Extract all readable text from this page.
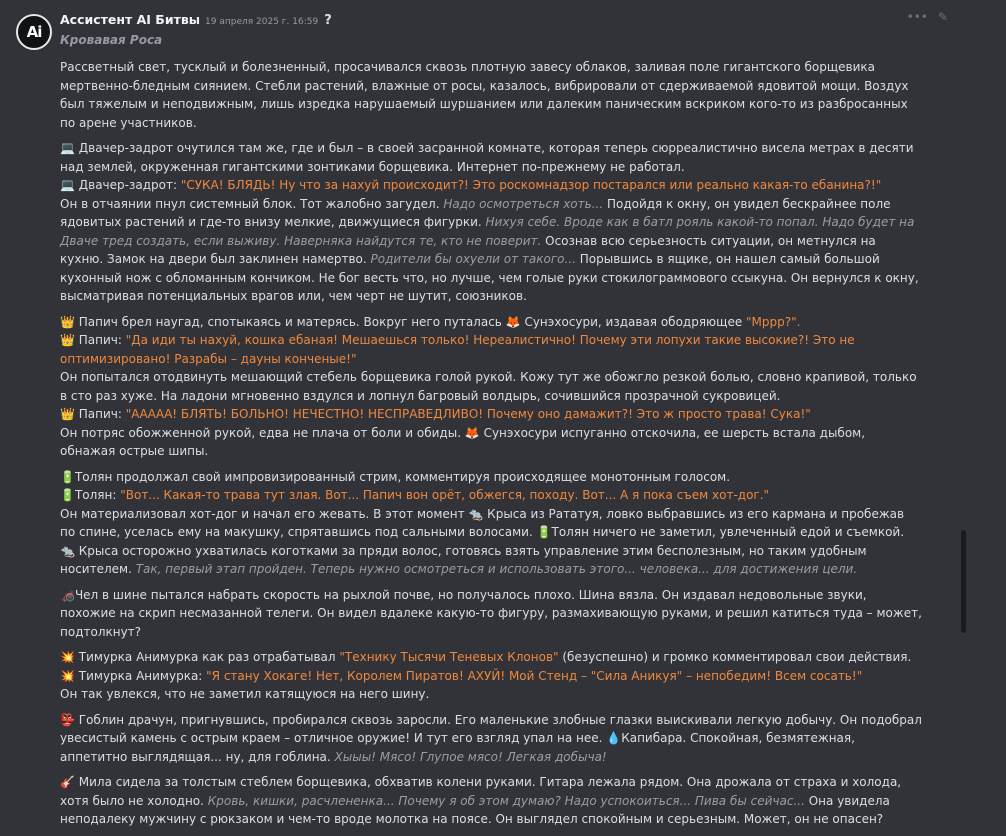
Ai
Ассистент AI Битвы 19 апреля 2025 г. 16:59 ?	••• ✎
Кровавая Роса
Рассветный свет, тусклый и болезненный, просачивался сквозь плотную завесу облаков, заливая поле гигантского борщевика мертвенно-бледным сиянием. Стебли растений, влажные от росы, казалось, вибрировали от сдерживаемой ядовитой мощи. Воздух был тяжелым и неподвижным, лишь изредка нарушаемый шуршанием или далеким паническим вскриком кого-то из разбросанных по арене участников.
💻 Двачер-задрот очутился там же, где и был – в своей засранной комнате, которая теперь сюрреалистично висела метрах в десяти над землей, окруженная гигантскими зонтиками борщевика. Интернет по-прежнему не работал.
💻 Двачер-задрот: "СУКА! БЛЯДЬ! Ну что за нахуй происходит?! Это роскомнадзор постарался или реально какая-то ебанина?!"
Он в отчаянии пнул системный блок. Тот жалобно загудел. Надо осмотреться хоть... Подойдя к окну, он увидел бескрайнее поле ядовитых растений и где-то внизу мелкие, движущиеся фигурки. Нихуя себе. Вроде как в батл рояль какой-то попал. Надо будет на Дваче тред создать, если выживу. Наверняка найдутся те, кто не поверит. Осознав всю серьезность ситуации, он метнулся на кухню. Замок на двери был заклинен намертво. Родители бы охуели от такого... Порывшись в ящике, он нашел самый большой кухонный нож с обломанным кончиком. Не бог весть что, но лучше, чем голые руки стокилограммового ссыкуна. Он вернулся к окну, высматривая потенциальных врагов или, чем черт не шутит, союзников.
👑 Папич брел наугад, спотыкаясь и матерясь. Вокруг него путалась 🦊 Сунэхосури, издавая ободряющее "Мррр?".
👑 Папич: "Да иди ты нахуй, кошка ебаная! Мешаешься только! Нереалистично! Почему эти лопухи такие высокие?! Это не оптимизировано! Разрабы – дауны конченые!"
Он попытался отодвинуть мешающий стебель борщевика голой рукой. Кожу тут же обожгло резкой болью, словно крапивой, только в сто раз хуже. На ладони мгновенно вздулся и лопнул багровый волдырь, сочившийся прозрачной сукровицей.
👑 Папич: "ААААА! БЛЯТЬ! БОЛЬНО! НЕЧЕСТНО! НЕСПРАВЕДЛИВО! Почему оно дамажит?! Это ж просто трава! Сука!"
Он потряс обожженной рукой, едва не плача от боли и обиды. 🦊 Сунэхосури испуганно отскочила, ее шерсть встала дыбом, обнажая острые шипы.
🔋Толян продолжал свой импровизированный стрим, комментируя происходящее монотонным голосом.
🔋Толян: "Вот... Какая-то трава тут злая. Вот... Папич вон орёт, обжегся, походу. Вот... А я пока съем хот-дог."
Он материализовал хот-дог и начал его жевать. В этот момент 🐀 Крыса из Рататуя, ловко выбравшись из его кармана и пробежав по спине, уселась ему на макушку, спрятавшись под сальными волосами. 🔋Толян ничего не заметил, увлеченный едой и съемкой. 🐀 Крыса осторожно ухватилась коготками за пряди волос, готовясь взять управление этим бесполезным, но таким удобным носителем. Так, первый этап пройден. Теперь нужно осмотреться и использовать этого... человека... для достижения цели.
🦽Чел в шине пытался набрать скорость на рыхлой почве, но получалось плохо. Шина вязла. Он издавал недовольные звуки, похожие на скрип несмазанной телеги. Он видел вдалеке какую-то фигуру, размахивающую руками, и решил катиться туда – может, подтолкнут?
💥 Тимурка Анимурка как раз отрабатывал "Технику Тысячи Теневых Клонов" (безуспешно) и громко комментировал свои действия.
💥 Тимурка Анимурка: "Я стану Хокаге! Нет, Королем Пиратов! АХУЙ! Мой Стенд – "Сила Аникуя" – непобедим! Всем сосать!"
Он так увлекся, что не заметил катящуюся на него шину.
👺 Гоблин драчун, пригнувшись, пробирался сквозь заросли. Его маленькие злобные глазки выискивали легкую добычу. Он подобрал увесистый камень с острым краем – отличное оружие! И тут его взгляд упал на нее. 💧Капибара. Спокойная, безмятежная, аппетитно выглядящая... ну, для гоблина. Хыыы! Мясо! Глупое мясо! Легкая добыча!
🎸 Мила сидела за толстым стеблем борщевика, обхватив колени руками. Гитара лежала рядом. Она дрожала от страха и холода, хотя было не холодно. Кровь, кишки, расчлененка... Почему я об этом думаю? Надо успокоиться... Пива бы сейчас... Она увидела неподалеку мужчину с рюкзаком и чем-то вроде молотка на поясе. Он выглядел спокойным и серьезным. Может, он не опасен?
